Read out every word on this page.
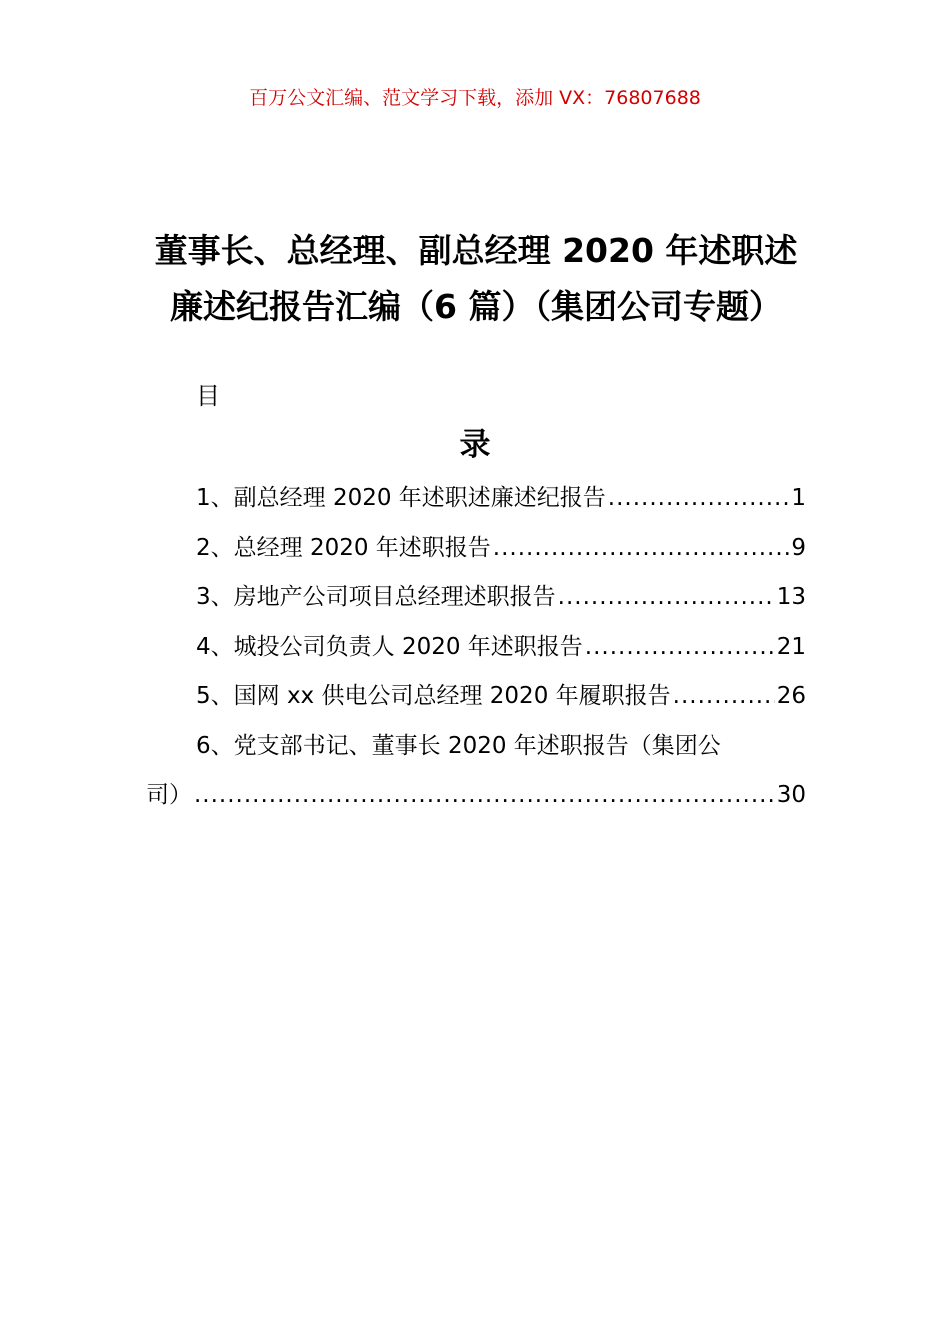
百万公文汇编、范文学习下载，添加 VX：76807688
董事长、总经理、副总经理 2020 年述职述
廉述纪报告汇编（6 篇）（集团公司专题）
目
录
1、副总经理 2020 年述职述廉述纪报告 .....	1
2、总经理 2020 年述职报告 .....	9
3、房地产公司项目总经理述职报告 .....	13
4、城投公司负责人 2020 年述职报告 .....	21
5、国网 xx 供电公司总经理 2020 年履职报告 .....	26
6、党支部书记、董事长 2020 年述职报告（集团公
司） .....	30
